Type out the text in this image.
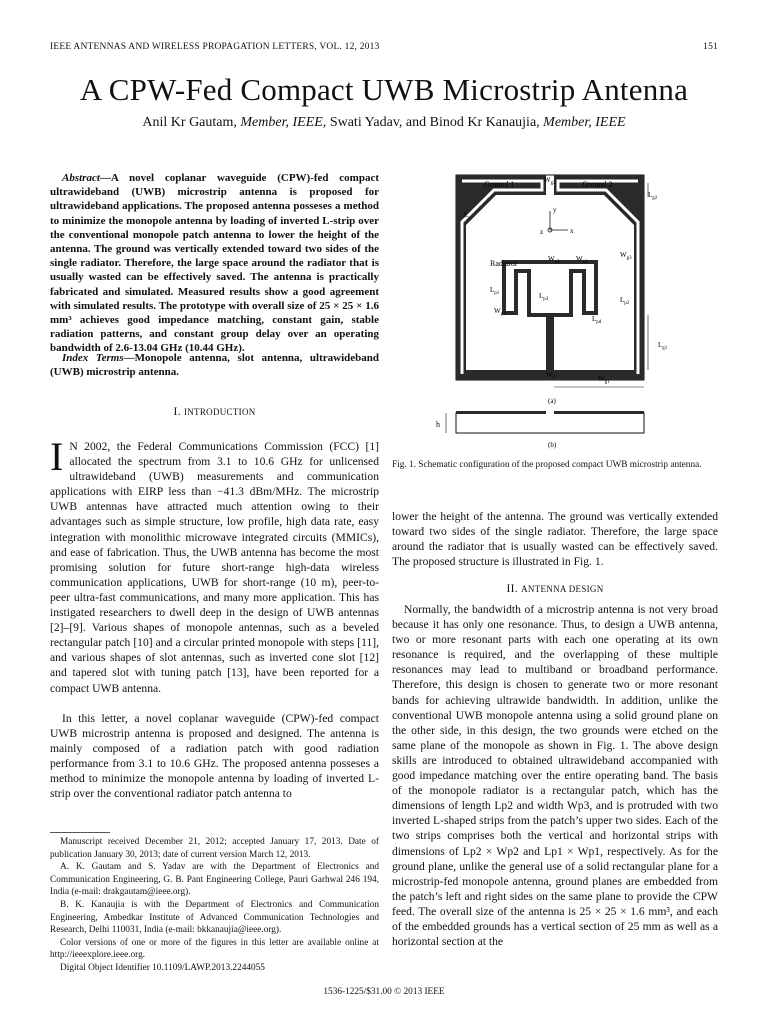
IEEE ANTENNAS AND WIRELESS PROPAGATION LETTERS, VOL. 12, 2013	151
A CPW-Fed Compact UWB Microstrip Antenna
Anil Kr Gautam, Member, IEEE, Swati Yadav, and Binod Kr Kanaujia, Member, IEEE
Abstract—A novel coplanar waveguide (CPW)-fed compact ultrawideband (UWB) microstrip antenna is proposed for ultrawideband applications. The proposed antenna posseses a method to minimize the monopole antenna by loading of inverted L-strip over the conventional monopole patch antenna to lower the height of the antenna. The ground was vertically extended toward two sides of the single radiator. Therefore, the large space around the radiator that is usually wasted can be effectively saved. The antenna is practically fabricated and simulated. Measured results show a good agreement with simulated results. The prototype with overall size of 25 × 25 × 1.6 mm³ achieves good impedance matching, constant gain, stable radiation patterns, and constant group delay over an operating bandwidth of 2.6-13.04 GHz (10.44 GHz).
Index Terms—Monopole antenna, slot antenna, ultrawideband (UWB) microstrip antenna.
I. INTRODUCTION
I N 2002, the Federal Communications Commission (FCC) [1] allocated the spectrum from 3.1 to 10.6 GHz for unlicensed ultrawideband (UWB) measurements and communication applications with EIRP less than −41.3 dBm/MHz. The microstrip UWB antennas have attracted much attention owing to their advantages such as simple structure, low profile, high data rate, easy integration with monolithic microwave integrated circuits (MMICs), and ease of fabrication. Thus, the UWB antenna has become the most promising solution for future short-range high-data wireless communication applications, UWB for short-range (10 m), peer-to-peer ultra-fast communications, and many more application. This has instigated researchers to dwell deep in the design of UWB antennas [2]–[9]. Various shapes of monopole antennas, such as a beveled rectangular patch [10] and a circular printed monopole with steps [11], and various shapes of slot antennas, such as inverted cone slot [12] and tapered slot with tuning patch [13], have been reported for a compact UWB antenna.
In this letter, a novel coplanar waveguide (CPW)-fed compact UWB microstrip antenna is proposed and designed. The antenna is mainly composed of a radiation patch with good radiation performance from 3.1 to 10.6 GHz. The proposed antenna posseses a method to minimize the monopole antenna by loading of inverted L-strip over the conventional radiator patch antenna to

Manuscript received December 21, 2012; accepted January 17, 2013. Date of publication January 30, 2013; date of current version March 12, 2013.

A. K. Gautam and S. Yadav are with the Department of Electronics and Communication Engineering, G. B. Pant Engineering College, Pauri Garhwal 246 194, India (e-mail: drakgautam@ieee.org).

B. K. Kanaujia is with the Department of Electronics and Communication Engineering, Ambedkar Institute of Advanced Communication Technologies and Research, Delhi 110031, India (e-mail: bkkanaujia@ieee.org).

Color versions of one or more of the figures in this letter are available online at http://ieeexplore.ieee.org.

Digital Object Identifier 10.1109/LAWP.2013.2244055

Ground 1	Ground 2
$W_{g2}$
$L_{g2}$
$L_c$
y
x
z
Radiator	$W_{p3}$ $W_{p2}$
$W_{g3}$
$L_{p1}$	$L_{p3}$	$L_{p2}$
$W_{p1}$
$L_{pd}$
$L_{g1}$
$W_f$	$W_{g1}$
(a)
h
(b)
Fig. 1. Schematic configuration of the proposed compact UWB microstrip antenna.
lower the height of the antenna. The ground was vertically extended toward two sides of the single radiator. Therefore, the large space around the radiator that is usually wasted can be effectively saved. The proposed structure is illustrated in Fig. 1.
II. ANTENNA DESIGN
Normally, the bandwidth of a microstrip antenna is not very broad because it has only one resonance. Thus, to design a UWB antenna, two or more resonant parts with each one operating at its own resonance is required, and the overlapping of these multiple resonances may lead to multiband or broadband performance. Therefore, this design is chosen to generate two or more resonant bands for achieving ultrawide bandwidth. In addition, unlike the conventional UWB monopole antenna using a solid ground plane on the other side, in this design, the two grounds were etched on the same plane of the monopole as shown in Fig. 1. The above design skills are introduced to obtained ultrawideband accompanied with good impedance matching over the entire operating band. The basis of the monopole radiator is a rectangular patch, which has the dimensions of length Lp2 and width Wp3, and is protruded with two inverted L-shaped strips from the patch’s upper two sides. Each of the two strips comprises both the vertical and horizontal strips with dimensions of Lp2 × Wp2 and Lp1 × Wp1, respectively. As for the ground plane, unlike the general use of a solid rectangular plane for a microstrip-fed monopole antenna, ground planes are embedded from the patch’s left and right sides on the same plane to provide the CPW feed. The overall size of the antenna is 25 × 25 × 1.6 mm³, and each of the embedded grounds has a vertical section of 25 mm as well as a horizontal section at the
1536-1225/$31.00 © 2013 IEEE
